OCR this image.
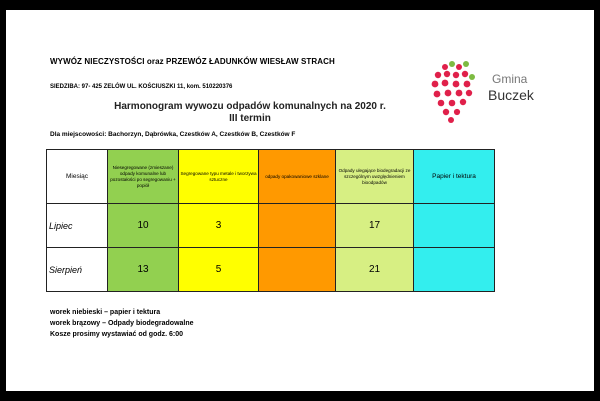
WYWÓZ NIECZYSTOŚCI oraz PRZEWÓZ ŁADUNKÓW WIESŁAW STRACH
SIEDZIBA: 97- 425 ZELÓW UL. KOŚCIUSZKI 11, kom. 510220376
Harmonogram wywozu odpadów komunalnych na 2020 r.
III termin
Dla miejscowości: Bachorzyn, Dąbrówka, Czestków A, Czestków B, Czestków F
Gmina
Buczek
Miesiąc	Niesegregowane (zmieszane) odpady komunalne lub pozostałości po segregowaniu + popiół	Segregowane typu metale i tworzywa sztuczne	odpady opakowaniowe szklane	Odpady ulegające biodegradacji ze szczególnym uwzględnieniem bioodpadów	Papier i tektura
Lipiec	10	3		17	
Sierpień	13	5		21	
worek niebieski – papier i tektura
worek brązowy – Odpady biodegradowalne
Kosze prosimy wystawiać od godz. 6:00
